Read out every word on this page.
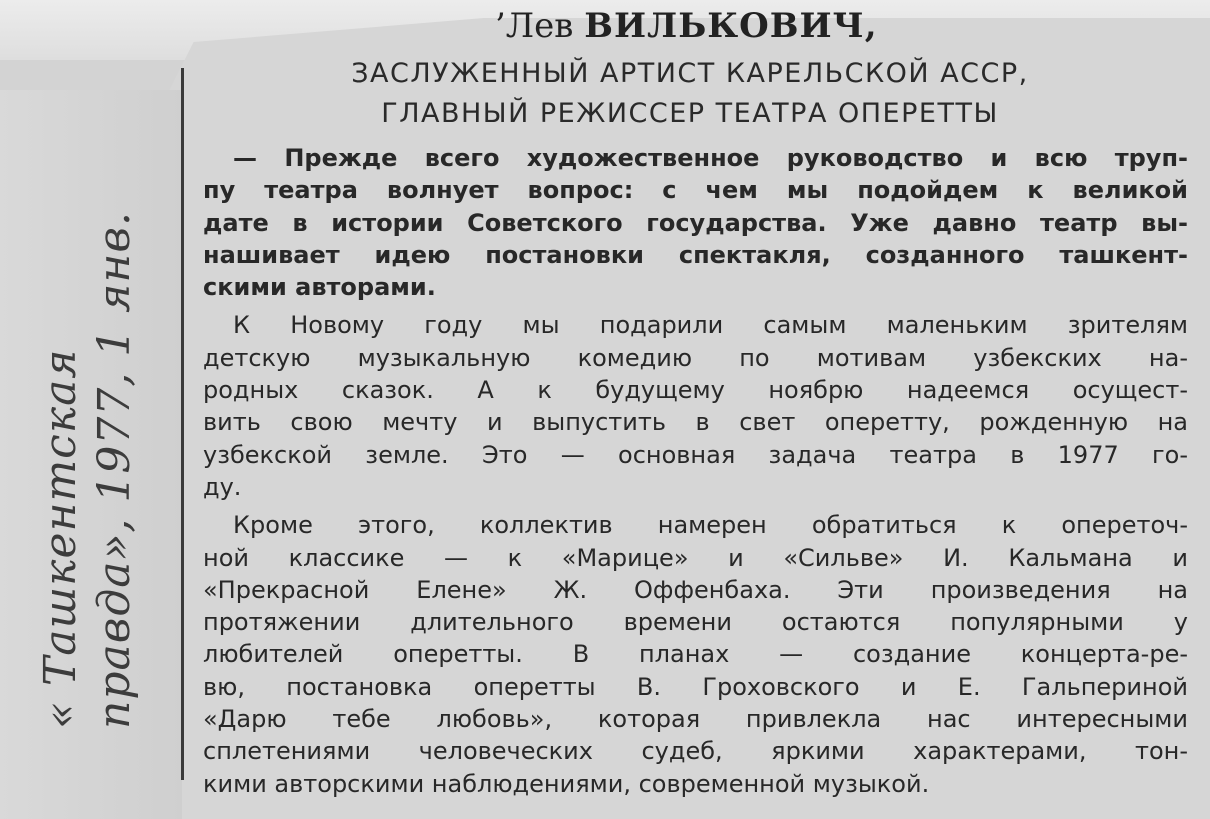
« Ташкентская правда», 1977, 1 янв.
’Лев ВИЛЬКОВИЧ,
ЗАСЛУЖЕННЫЙ АРТИСТ КАРЕЛЬСКОЙ АССР,
ГЛАВНЫЙ РЕЖИССЕР ТЕАТРА ОПЕРЕТТЫ
— Прежде всего художественное руководство и всю труп-
пу театра волнует вопрос: с чем мы подойдем к великой
дате в истории Советского государства. Уже давно театр вы-
нашивает идею постановки спектакля, созданного ташкент-
скими авторами.
К Новому году мы подарили самым маленьким зрителям
детскую музыкальную комедию по мотивам узбекских на-
родных сказок. А к будущему ноябрю надеемся осущест-
вить свою мечту и выпустить в свет оперетту, рожденную на
узбекской земле. Это — основная задача театра в 1977 го-
ду.
Кроме этого, коллектив намерен обратиться к опереточ-
ной классике — к «Марице» и «Сильве» И. Кальмана и
«Прекрасной Елене» Ж. Оффенбаха. Эти произведения на
протяжении длительного времени остаются популярными у
любителей оперетты. В планах — создание концерта-ре-
вю, постановка оперетты В. Гроховского и Е. Гальпериной
«Дарю тебе любовь», которая привлекла нас интересными
сплетениями человеческих судеб, яркими характерами, тон-
кими авторскими наблюдениями, современной музыкой.
